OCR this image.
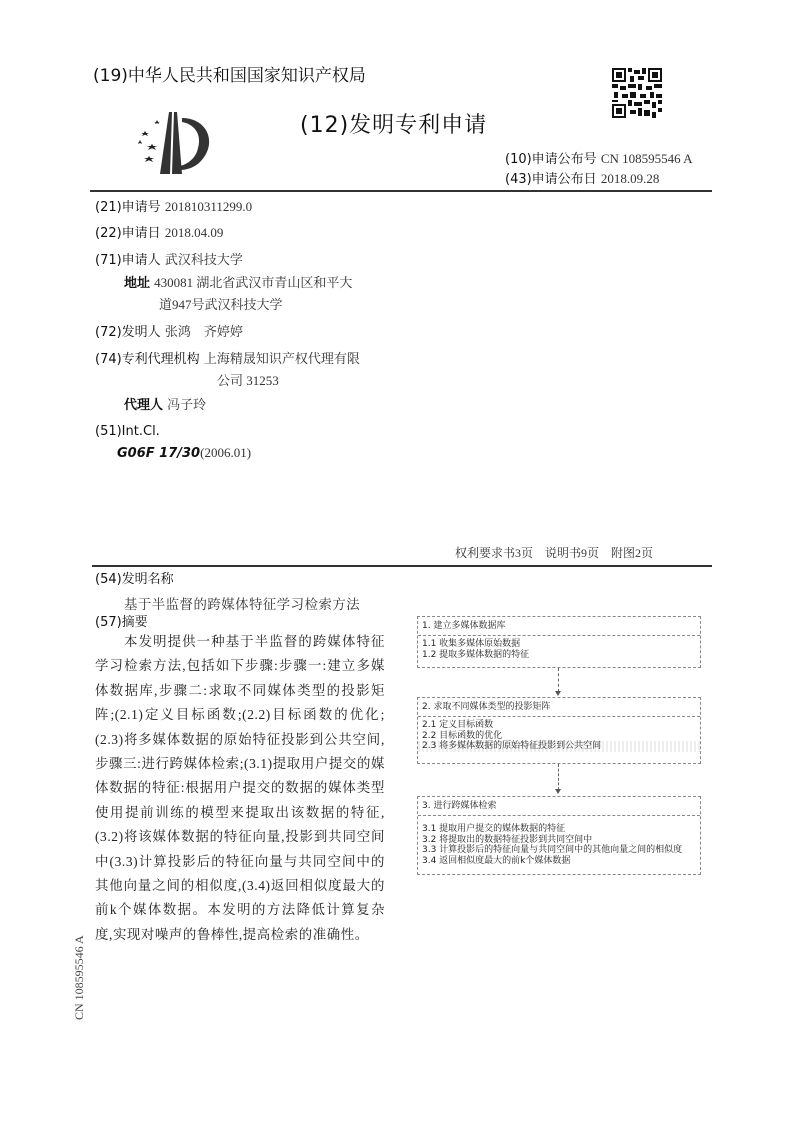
(19)中华人民共和国国家知识产权局
(12)发明专利申请
(10)申请公布号 CN 108595546 A
(43)申请公布日 2018.09.28
(21)申请号 201810311299.0
(22)申请日 2018.04.09
(71)申请人 武汉科技大学
地址 430081 湖北省武汉市青山区和平大
道947号武汉科技大学
(72)发明人 张鸿　齐婷婷
(74)专利代理机构 上海精晟知识产权代理有限
公司 31253
代理人 冯子玲
(51)Int.Cl.
G06F 17/30(2006.01)
权利要求书3页　说明书9页　附图2页
(54)发明名称
基于半监督的跨媒体特征学习检索方法
(57)摘要
　　本发明提供一种基于半监督的跨媒体特征学习检索方法,包括如下步骤:步骤一:建立多媒体数据库,步骤二:求取不同媒体类型的投影矩阵;(2.1)定义目标函数;(2.2)目标函数的优化;(2.3)将多媒体数据的原始特征投影到公共空间,步骤三:进行跨媒体检索;(3.1)提取用户提交的媒体数据的特征:根据用户提交的数据的媒体类型使用提前训练的模型来提取出该数据的特征,(3.2)将该媒体数据的特征向量,投影到共同空间中(3.3)计算投影后的特征向量与共同空间中的其他向量之间的相似度,(3.4)返回相似度最大的前k个媒体数据。本发明的方法降低计算复杂度,实现对噪声的鲁棒性,提高检索的准确性。
1. 建立多媒体数据库
1.1 收集多媒体原始数据
1.2 提取多媒体数据的特征
2. 求取不同媒体类型的投影矩阵
2.1 定义目标函数
2.2 目标函数的优化
2.3 将多媒体数据的原始特征投影到公共空间
3. 进行跨媒体检索
3.1 提取用户提交的媒体数据的特征
3.2 将提取出的数据特征投影到共同空间中
3.3 计算投影后的特征向量与共同空间中的其他向量之间的相似度
3.4 返回相似度最大的前k个媒体数据
CN 108595546 A
